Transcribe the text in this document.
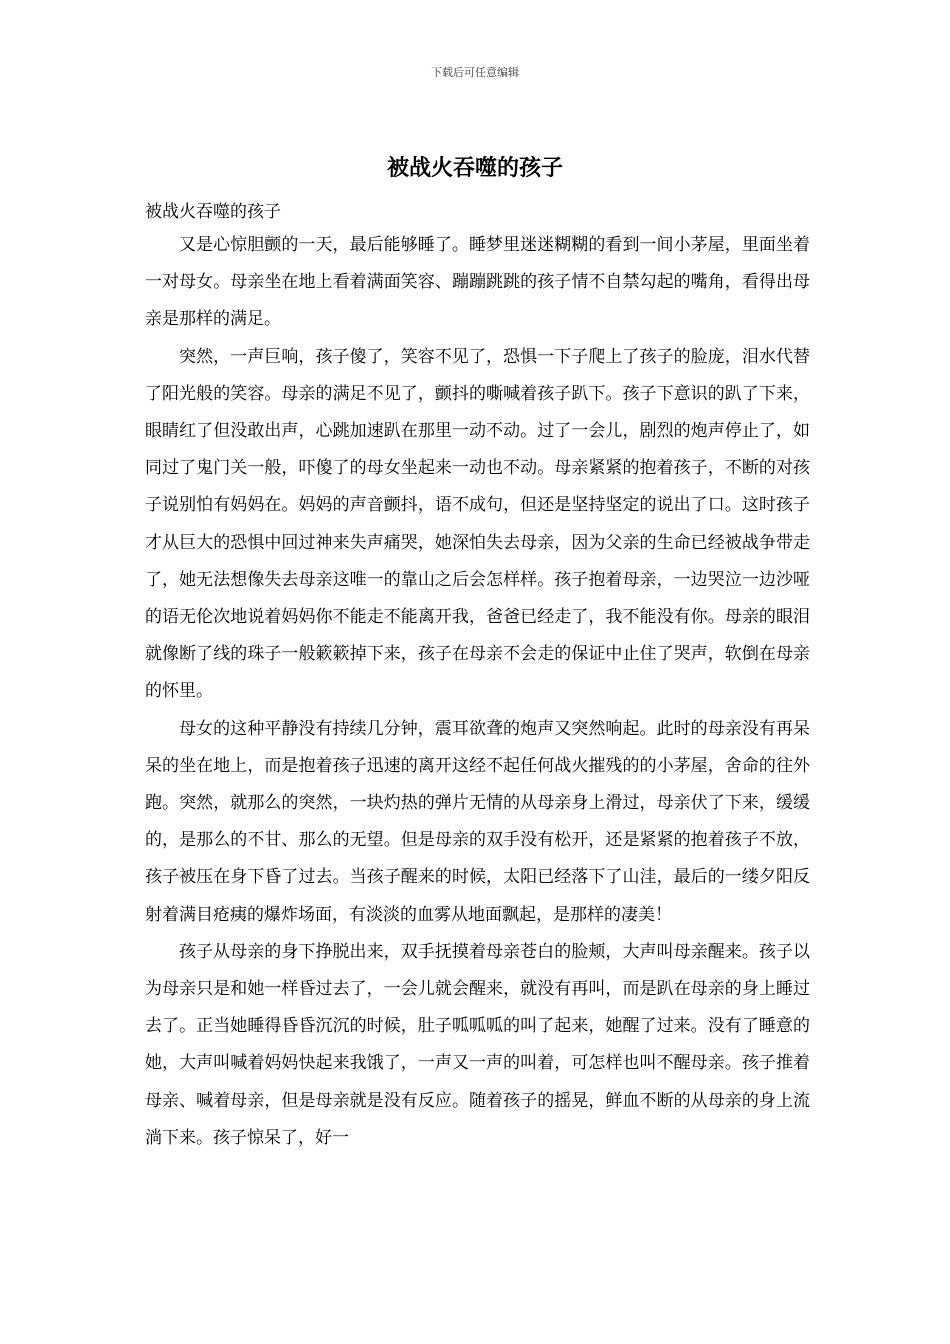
下载后可任意编辑
被战火吞噬的孩子

被战火吞噬的孩子

又是心惊胆颤的一天，最后能够睡了。睡梦里迷迷糊糊的看到一间小茅屋，里面坐着一对母女。母亲坐在地上看着满面笑容、蹦蹦跳跳的孩子情不自禁勾起的嘴角，看得出母亲是那样的满足。

突然，一声巨响，孩子傻了，笑容不见了，恐惧一下子爬上了孩子的脸庞，泪水代替了阳光般的笑容。母亲的满足不见了，颤抖的嘶喊着孩子趴下。孩子下意识的趴了下来，眼睛红了但没敢出声，心跳加速趴在那里一动不动。过了一会儿，剧烈的炮声停止了，如同过了鬼门关一般，吓傻了的母女坐起来一动也不动。母亲紧紧的抱着孩子，不断的对孩子说别怕有妈妈在。妈妈的声音颤抖，语不成句，但还是坚持坚定的说出了口。这时孩子才从巨大的恐惧中回过神来失声痛哭，她深怕失去母亲，因为父亲的生命已经被战争带走了，她无法想像失去母亲这唯一的靠山之后会怎样样。孩子抱着母亲，一边哭泣一边沙哑的语无伦次地说着妈妈你不能走不能离开我，爸爸已经走了，我不能没有你。母亲的眼泪就像断了线的珠子一般簌簌掉下来，孩子在母亲不会走的保证中止住了哭声，软倒在母亲的怀里。

母女的这种平静没有持续几分钟，震耳欲聋的炮声又突然响起。此时的母亲没有再呆呆的坐在地上，而是抱着孩子迅速的离开这经不起任何战火摧残的的小茅屋，舍命的往外跑。突然，就那么的突然，一块灼热的弹片无情的从母亲身上滑过，母亲伏了下来，缓缓的，是那么的不甘、那么的无望。但是母亲的双手没有松开，还是紧紧的抱着孩子不放，孩子被压在身下昏了过去。当孩子醒来的时候，太阳已经落下了山洼，最后的一缕夕阳反射着满目疮痍的爆炸场面，有淡淡的血雾从地面飘起，是那样的凄美！

孩子从母亲的身下挣脱出来，双手抚摸着母亲苍白的脸颊，大声叫母亲醒来。孩子以为母亲只是和她一样昏过去了，一会儿就会醒来，就没有再叫，而是趴在母亲的身上睡过去了。正当她睡得昏昏沉沉的时候，肚子呱呱呱的叫了起来，她醒了过来。没有了睡意的她，大声叫喊着妈妈快起来我饿了，一声又一声的叫着，可怎样也叫不醒母亲。孩子推着母亲、喊着母亲，但是母亲就是没有反应。随着孩子的摇晃，鲜血不断的从母亲的身上流淌下来。孩子惊呆了，好一
